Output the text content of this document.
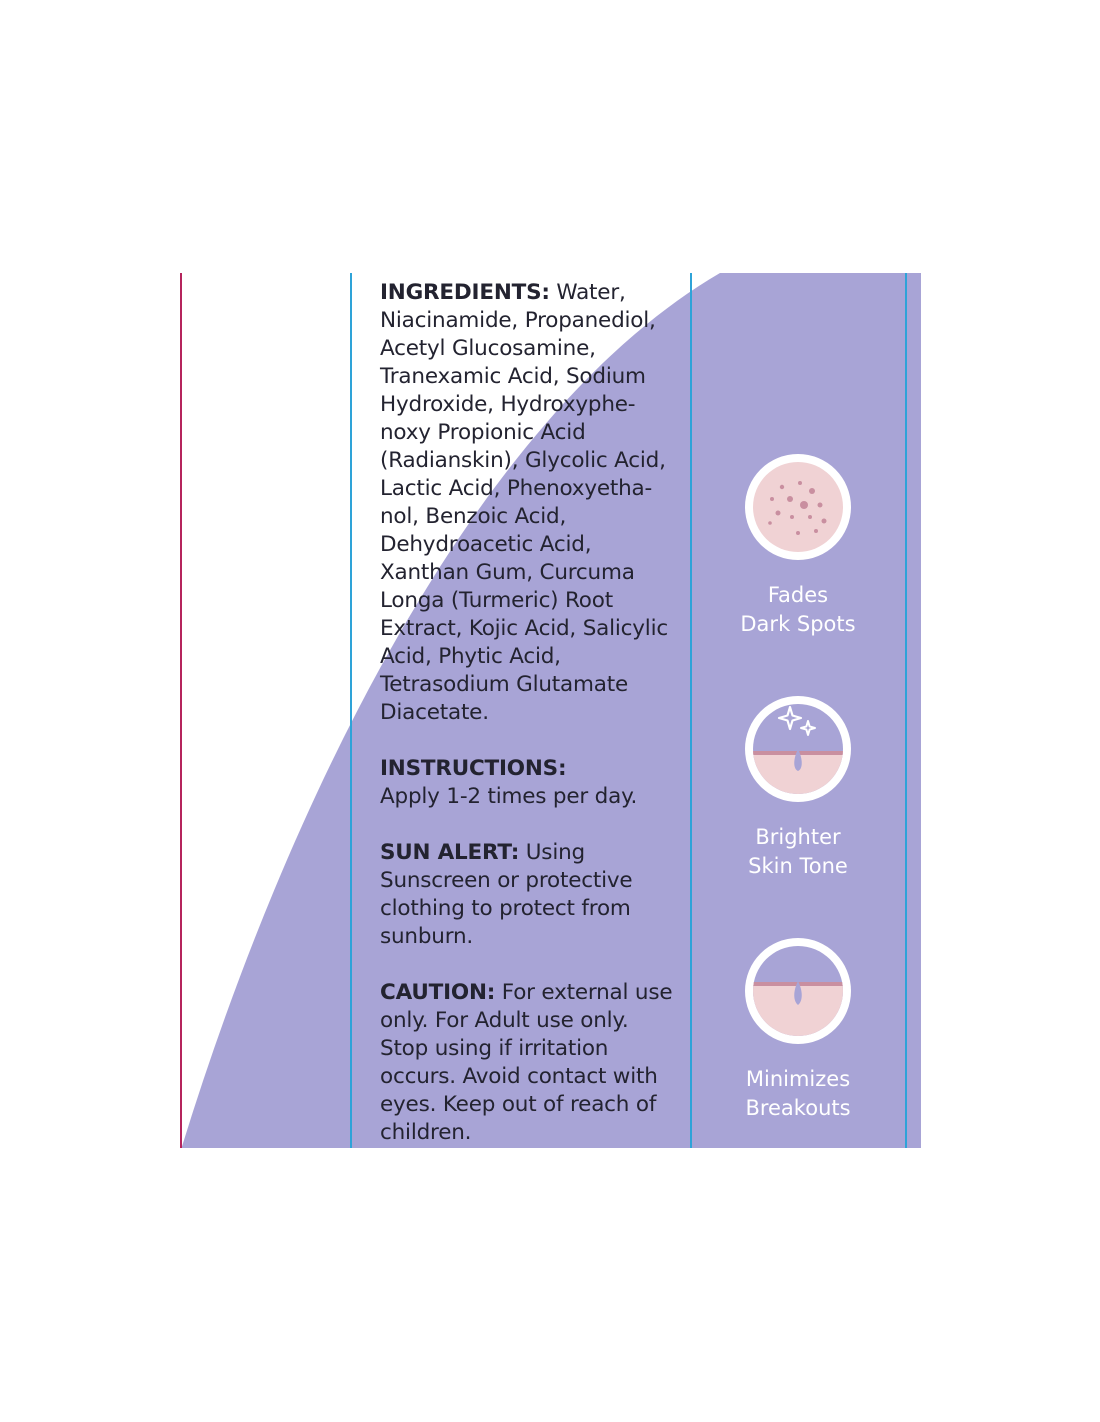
INGREDIENTS: Water, Niacinamide, Propanediol, Acetyl Glucosamine, Tranexamic Acid, Sodium Hydroxide, Hydroxyphe-noxy Propionic Acid (Radianskin), Glycolic Acid, Lactic Acid, Phenoxyetha-nol, Benzoic Acid, Dehydroacetic Acid, Xanthan Gum, Curcuma Longa (Turmeric) Root Extract, Kojic Acid, Salicylic Acid, Phytic Acid, Tetrasodium Glutamate Diacetate.

INSTRUCTIONS:
Apply 1-2 times per day.

SUN ALERT: Using Sunscreen or protective clothing to protect from sunburn.

CAUTION: For external use only. For Adult use only. Stop using if irritation occurs. Avoid contact with eyes. Keep out of reach of children.

Fades
Dark Spots
Brighter
Skin Tone
Minimizes
Breakouts
